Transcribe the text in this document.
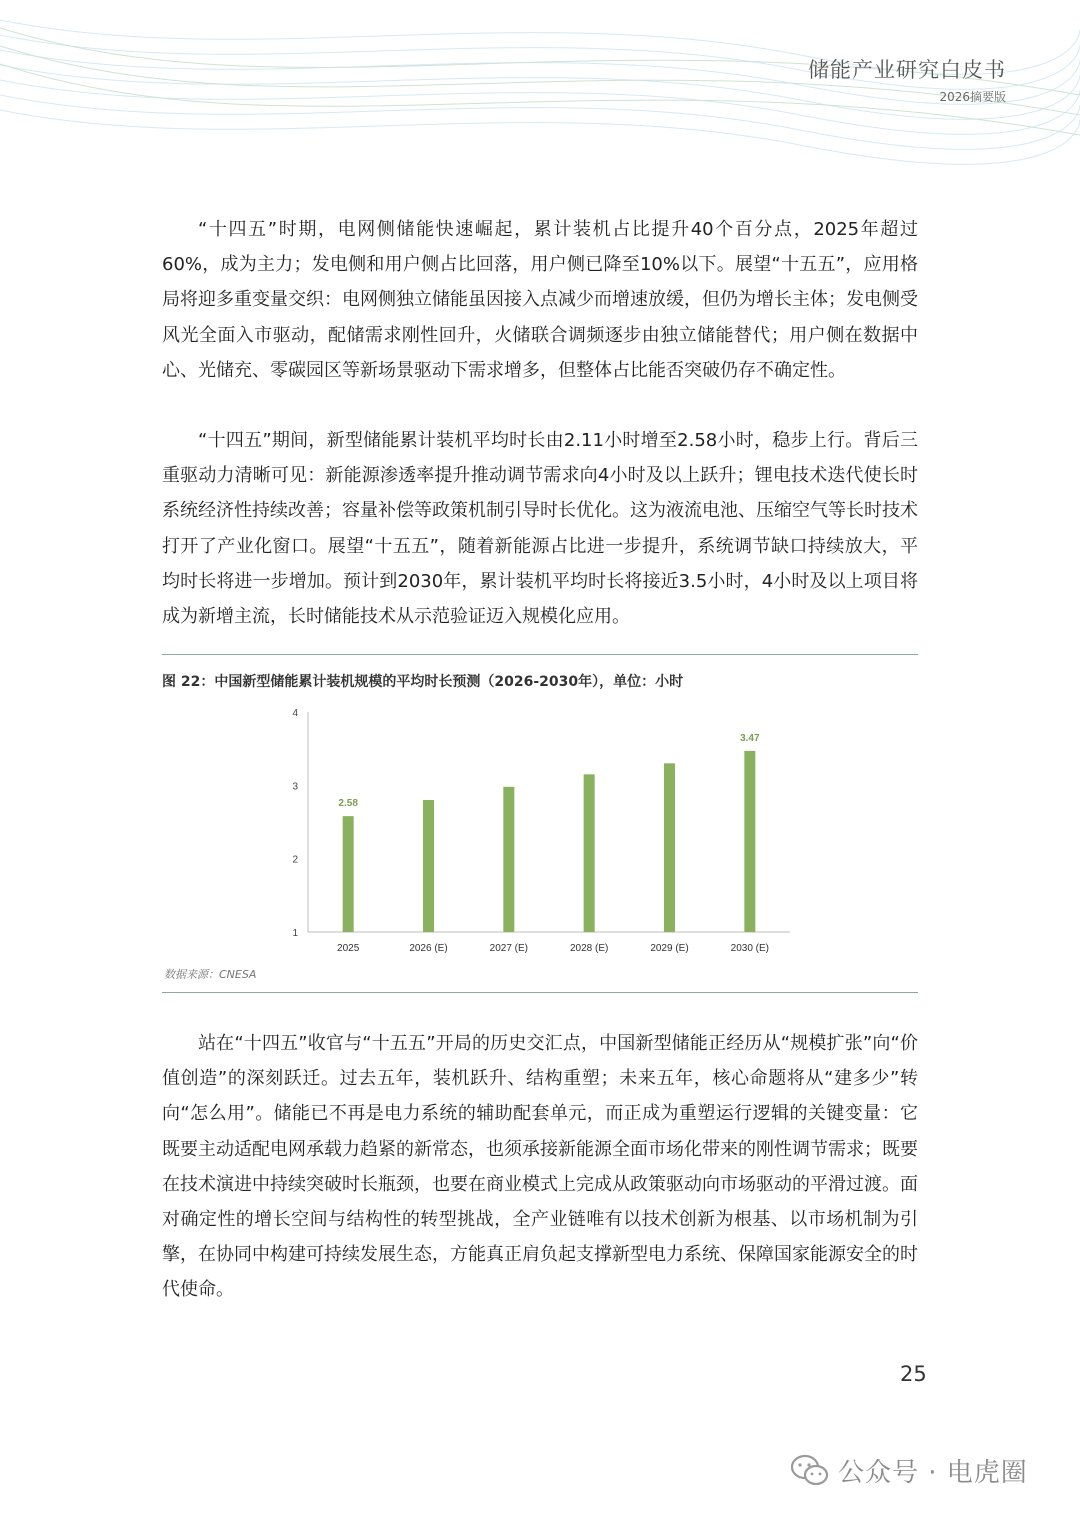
储能产业研究白皮书
2026摘要版

“十四五”时期，电网侧储能快速崛起，累计装机占比提升40个百分点，2025年超过60%，成为主力；发电侧和用户侧占比回落，用户侧已降至10%以下。展望“十五五”，应用格局将迎多重变量交织：电网侧独立储能虽因接入点减少而增速放缓，但仍为增长主体；发电侧受风光全面入市驱动，配储需求刚性回升，火储联合调频逐步由独立储能替代；用户侧在数据中心、光储充、零碳园区等新场景驱动下需求增多，但整体占比能否突破仍存不确定性。

“十四五”期间，新型储能累计装机平均时长由2.11小时增至2.58小时，稳步上行。背后三重驱动力清晰可见：新能源渗透率提升推动调节需求向4小时及以上跃升；锂电技术迭代使长时系统经济性持续改善；容量补偿等政策机制引导时长优化。这为液流电池、压缩空气等长时技术打开了产业化窗口。展望“十五五”，随着新能源占比进一步提升，系统调节缺口持续放大，平均时长将进一步增加。预计到2030年，累计装机平均时长将接近3.5小时，4小时及以上项目将成为新增主流，长时储能技术从示范验证迈入规模化应用。

图 22：中国新型储能累计装机规模的平均时长预测（2026-2030年），单位：小时
1
2
3
4
2025
2.58
2026 (E)	2027 (E)	2028 (E)	2029 (E)	2030 (E)
3.47
数据来源：CNESA

站在“十四五”收官与“十五五”开局的历史交汇点，中国新型储能正经历从“规模扩张”向“价值创造”的深刻跃迁。过去五年，装机跃升、结构重塑；未来五年，核心命题将从“建多少”转向“怎么用”。储能已不再是电力系统的辅助配套单元，而正成为重塑运行逻辑的关键变量：它既要主动适配电网承载力趋紧的新常态，也须承接新能源全面市场化带来的刚性调节需求；既要在技术演进中持续突破时长瓶颈，也要在商业模式上完成从政策驱动向市场驱动的平滑过渡。面对确定性的增长空间与结构性的转型挑战，全产业链唯有以技术创新为根基、以市场机制为引擎，在协同中构建可持续发展生态，方能真正肩负起支撑新型电力系统、保障国家能源安全的时代使命。

25
公众号 · 电虎圈
